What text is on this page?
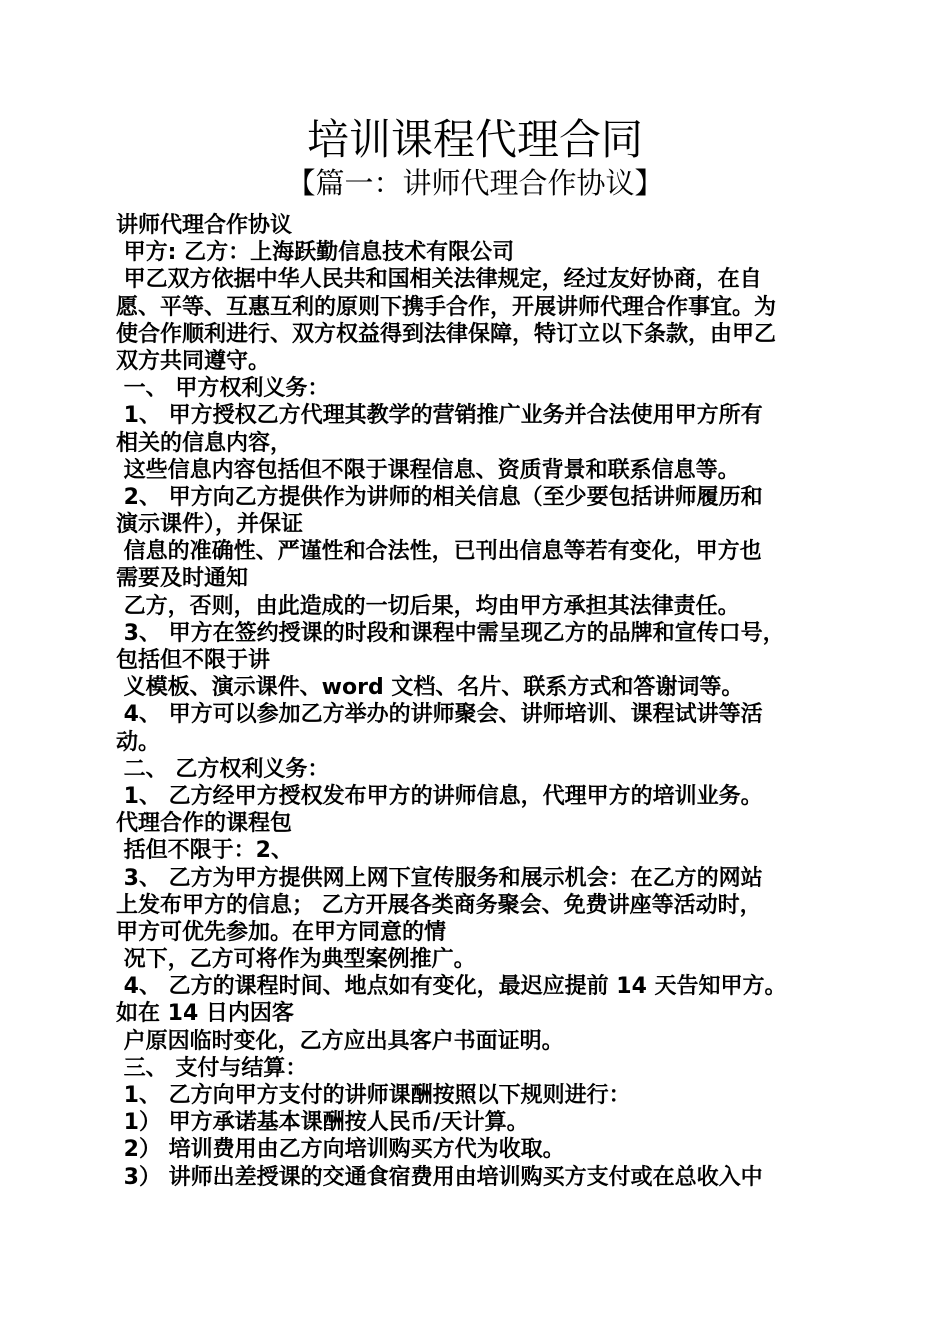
培训课程代理合同
【篇一：讲师代理合作协议】
讲师代理合作协议
甲方: 乙方：上海跃勤信息技术有限公司
甲乙双方依据中华人民共和国相关法律规定，经过友好协商，在自
愿、平等、互惠互利的原则下携手合作，开展讲师代理合作事宜。为
使合作顺利进行、双方权益得到法律保障，特订立以下条款，由甲乙
双方共同遵守。
一、 甲方权利义务：
1、 甲方授权乙方代理其教学的营销推广业务并合法使用甲方所有
相关的信息内容，
这些信息内容包括但不限于课程信息、资质背景和联系信息等。
2、 甲方向乙方提供作为讲师的相关信息（至少要包括讲师履历和
演示课件），并保证
信息的准确性、严谨性和合法性，已刊出信息等若有变化，甲方也
需要及时通知
乙方，否则，由此造成的一切后果，均由甲方承担其法律责任。
3、 甲方在签约授课的时段和课程中需呈现乙方的品牌和宣传口号，
包括但不限于讲
义模板、演示课件、word 文档、名片、联系方式和答谢词等。
4、 甲方可以参加乙方举办的讲师聚会、讲师培训、课程试讲等活
动。
二、 乙方权利义务：
1、 乙方经甲方授权发布甲方的讲师信息，代理甲方的培训业务。
代理合作的课程包
括但不限于：2、
3、 乙方为甲方提供网上网下宣传服务和展示机会：在乙方的网站
上发布甲方的信息； 乙方开展各类商务聚会、免费讲座等活动时，
甲方可优先参加。在甲方同意的情
况下，乙方可将作为典型案例推广。
4、 乙方的课程时间、地点如有变化，最迟应提前 14 天告知甲方。
如在 14 日内因客
户原因临时变化，乙方应出具客户书面证明。
三、 支付与结算：
1、 乙方向甲方支付的讲师课酬按照以下规则进行：
1） 甲方承诺基本课酬按人民币/天计算。
2） 培训费用由乙方向培训购买方代为收取。
3） 讲师出差授课的交通食宿费用由培训购买方支付或在总收入中
